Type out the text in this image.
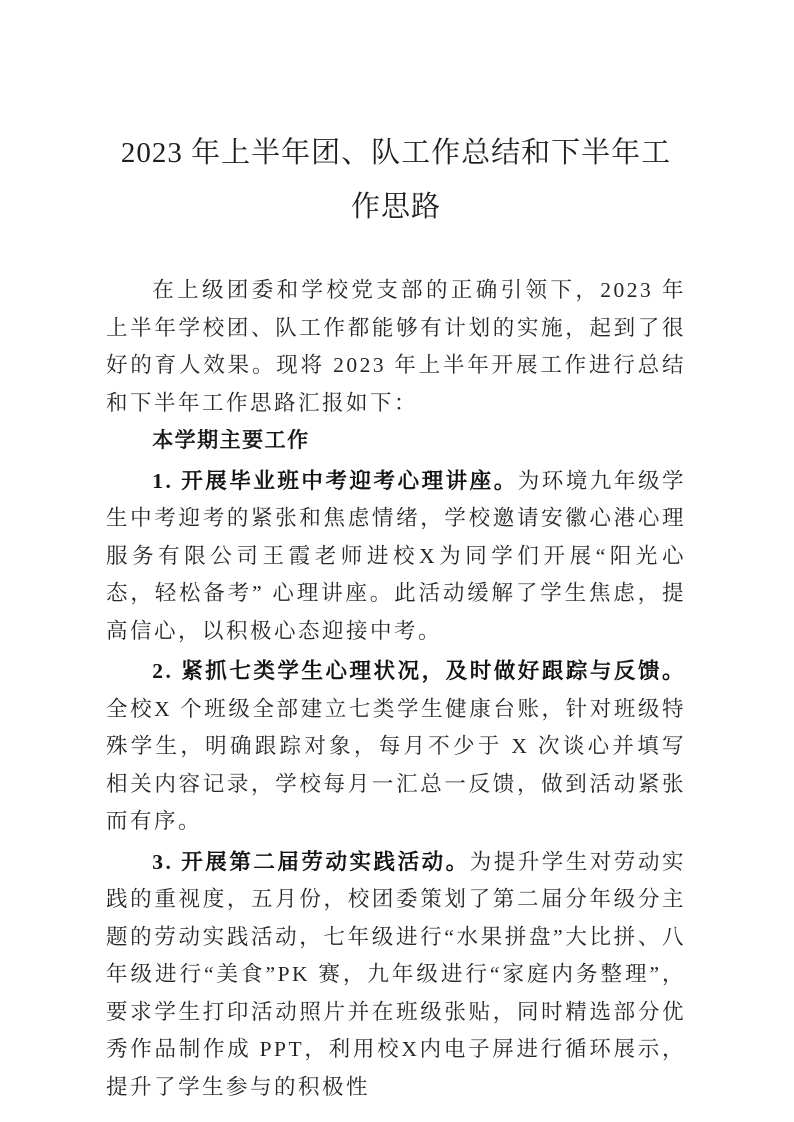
2023 年上半年团、队工作总结和下半年工作思路

在上级团委和学校党支部的正确引领下，2023 年上半年学校团、队工作都能够有计划的实施，起到了很好的育人效果。现将 2023 年上半年开展工作进行总结和下半年工作思路汇报如下：

本学期主要工作

1. 开展毕业班中考迎考心理讲座。为环境九年级学生中考迎考的紧张和焦虑情绪，学校邀请安徽心港心理服务有限公司王霞老师进校X为同学们开展“阳光心态，轻松备考” 心理讲座。此活动缓解了学生焦虑，提高信心，以积极心态迎接中考。

2. 紧抓七类学生心理状况，及时做好跟踪与反馈。全校X 个班级全部建立七类学生健康台账，针对班级特殊学生，明确跟踪对象，每月不少于 X 次谈心并填写相关内容记录，学校每月一汇总一反馈，做到活动紧张而有序。

3. 开展第二届劳动实践活动。为提升学生对劳动实践的重视度，五月份，校团委策划了第二届分年级分主题的劳动实践活动，七年级进行“水果拼盘”大比拼、八年级进行“美食”PK 赛，九年级进行“家庭内务整理”，要求学生打印活动照片并在班级张贴，同时精选部分优秀作品制作成 PPT，利用校X内电子屏进行循环展示，提升了学生参与的积极性
